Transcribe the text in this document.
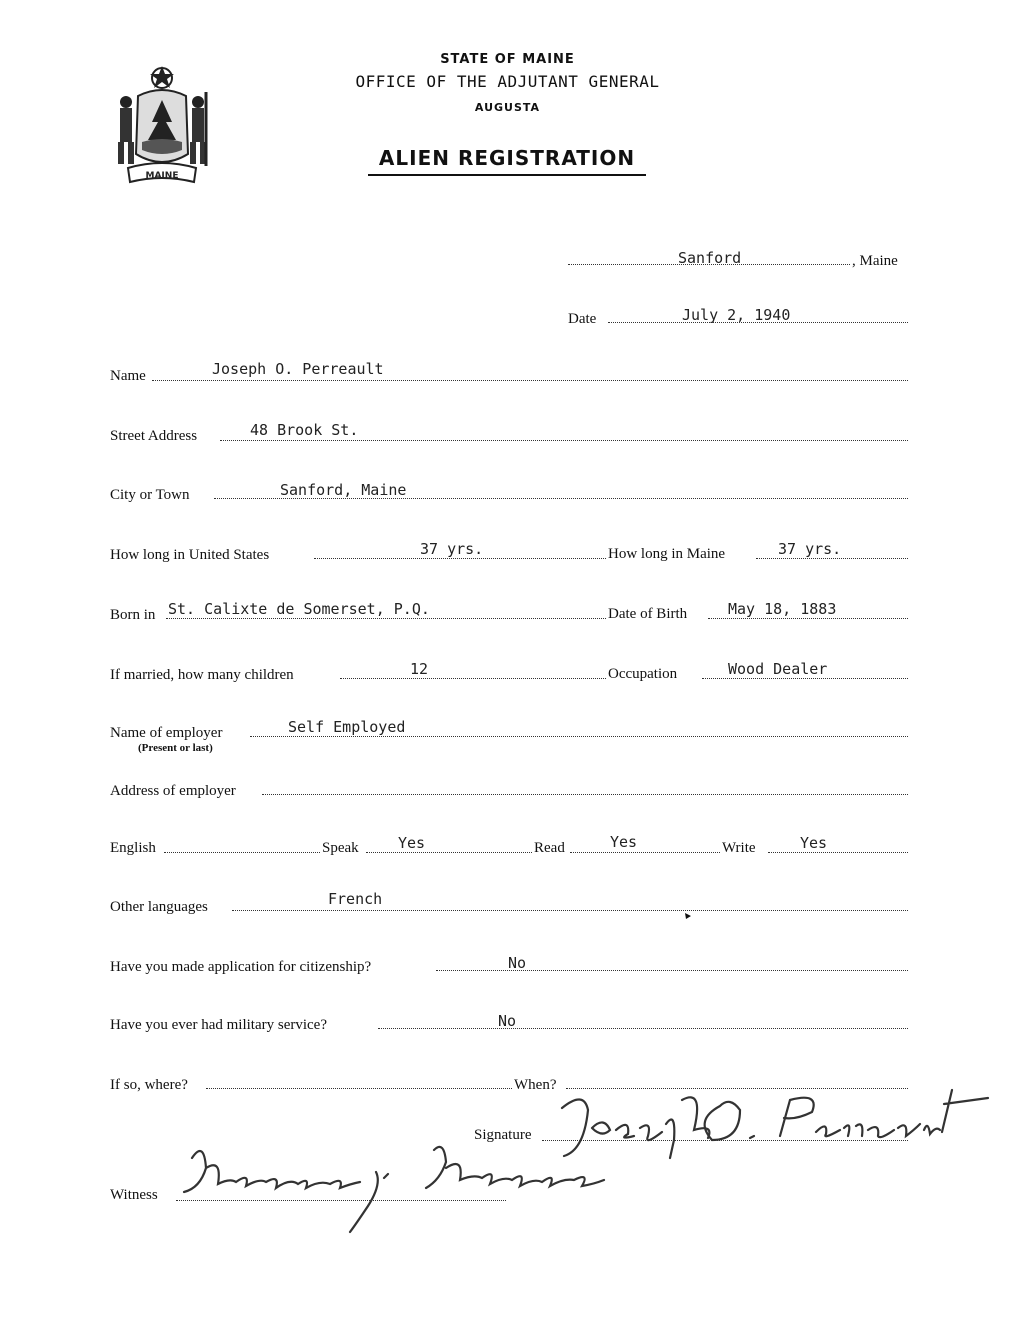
MAINE
STATE OF MAINE
OFFICE OF THE ADJUTANT GENERAL
AUGUSTA
ALIEN REGISTRATION
Sanford	, Maine
Date	July 2, 1940
Name	Joseph O. Perreault
Street Address	48 Brook St.
City or Town	Sanford, Maine
How long in United States	37 yrs.	How long in Maine	37 yrs.
Born in St. Calixte de Somerset, P.Q.	Date of Birth	May 18, 1883
If married, how many children	12	Occupation	Wood Dealer
Name of employer
(Present or last)
Self Employed
Address of employer
English	Speak	Yes	Read	Yes	Write	Yes
Other languages	French
Have you made application for citizenship?	No
Have you ever had military service?	No
If so, where?	When?
Signature
Witness
